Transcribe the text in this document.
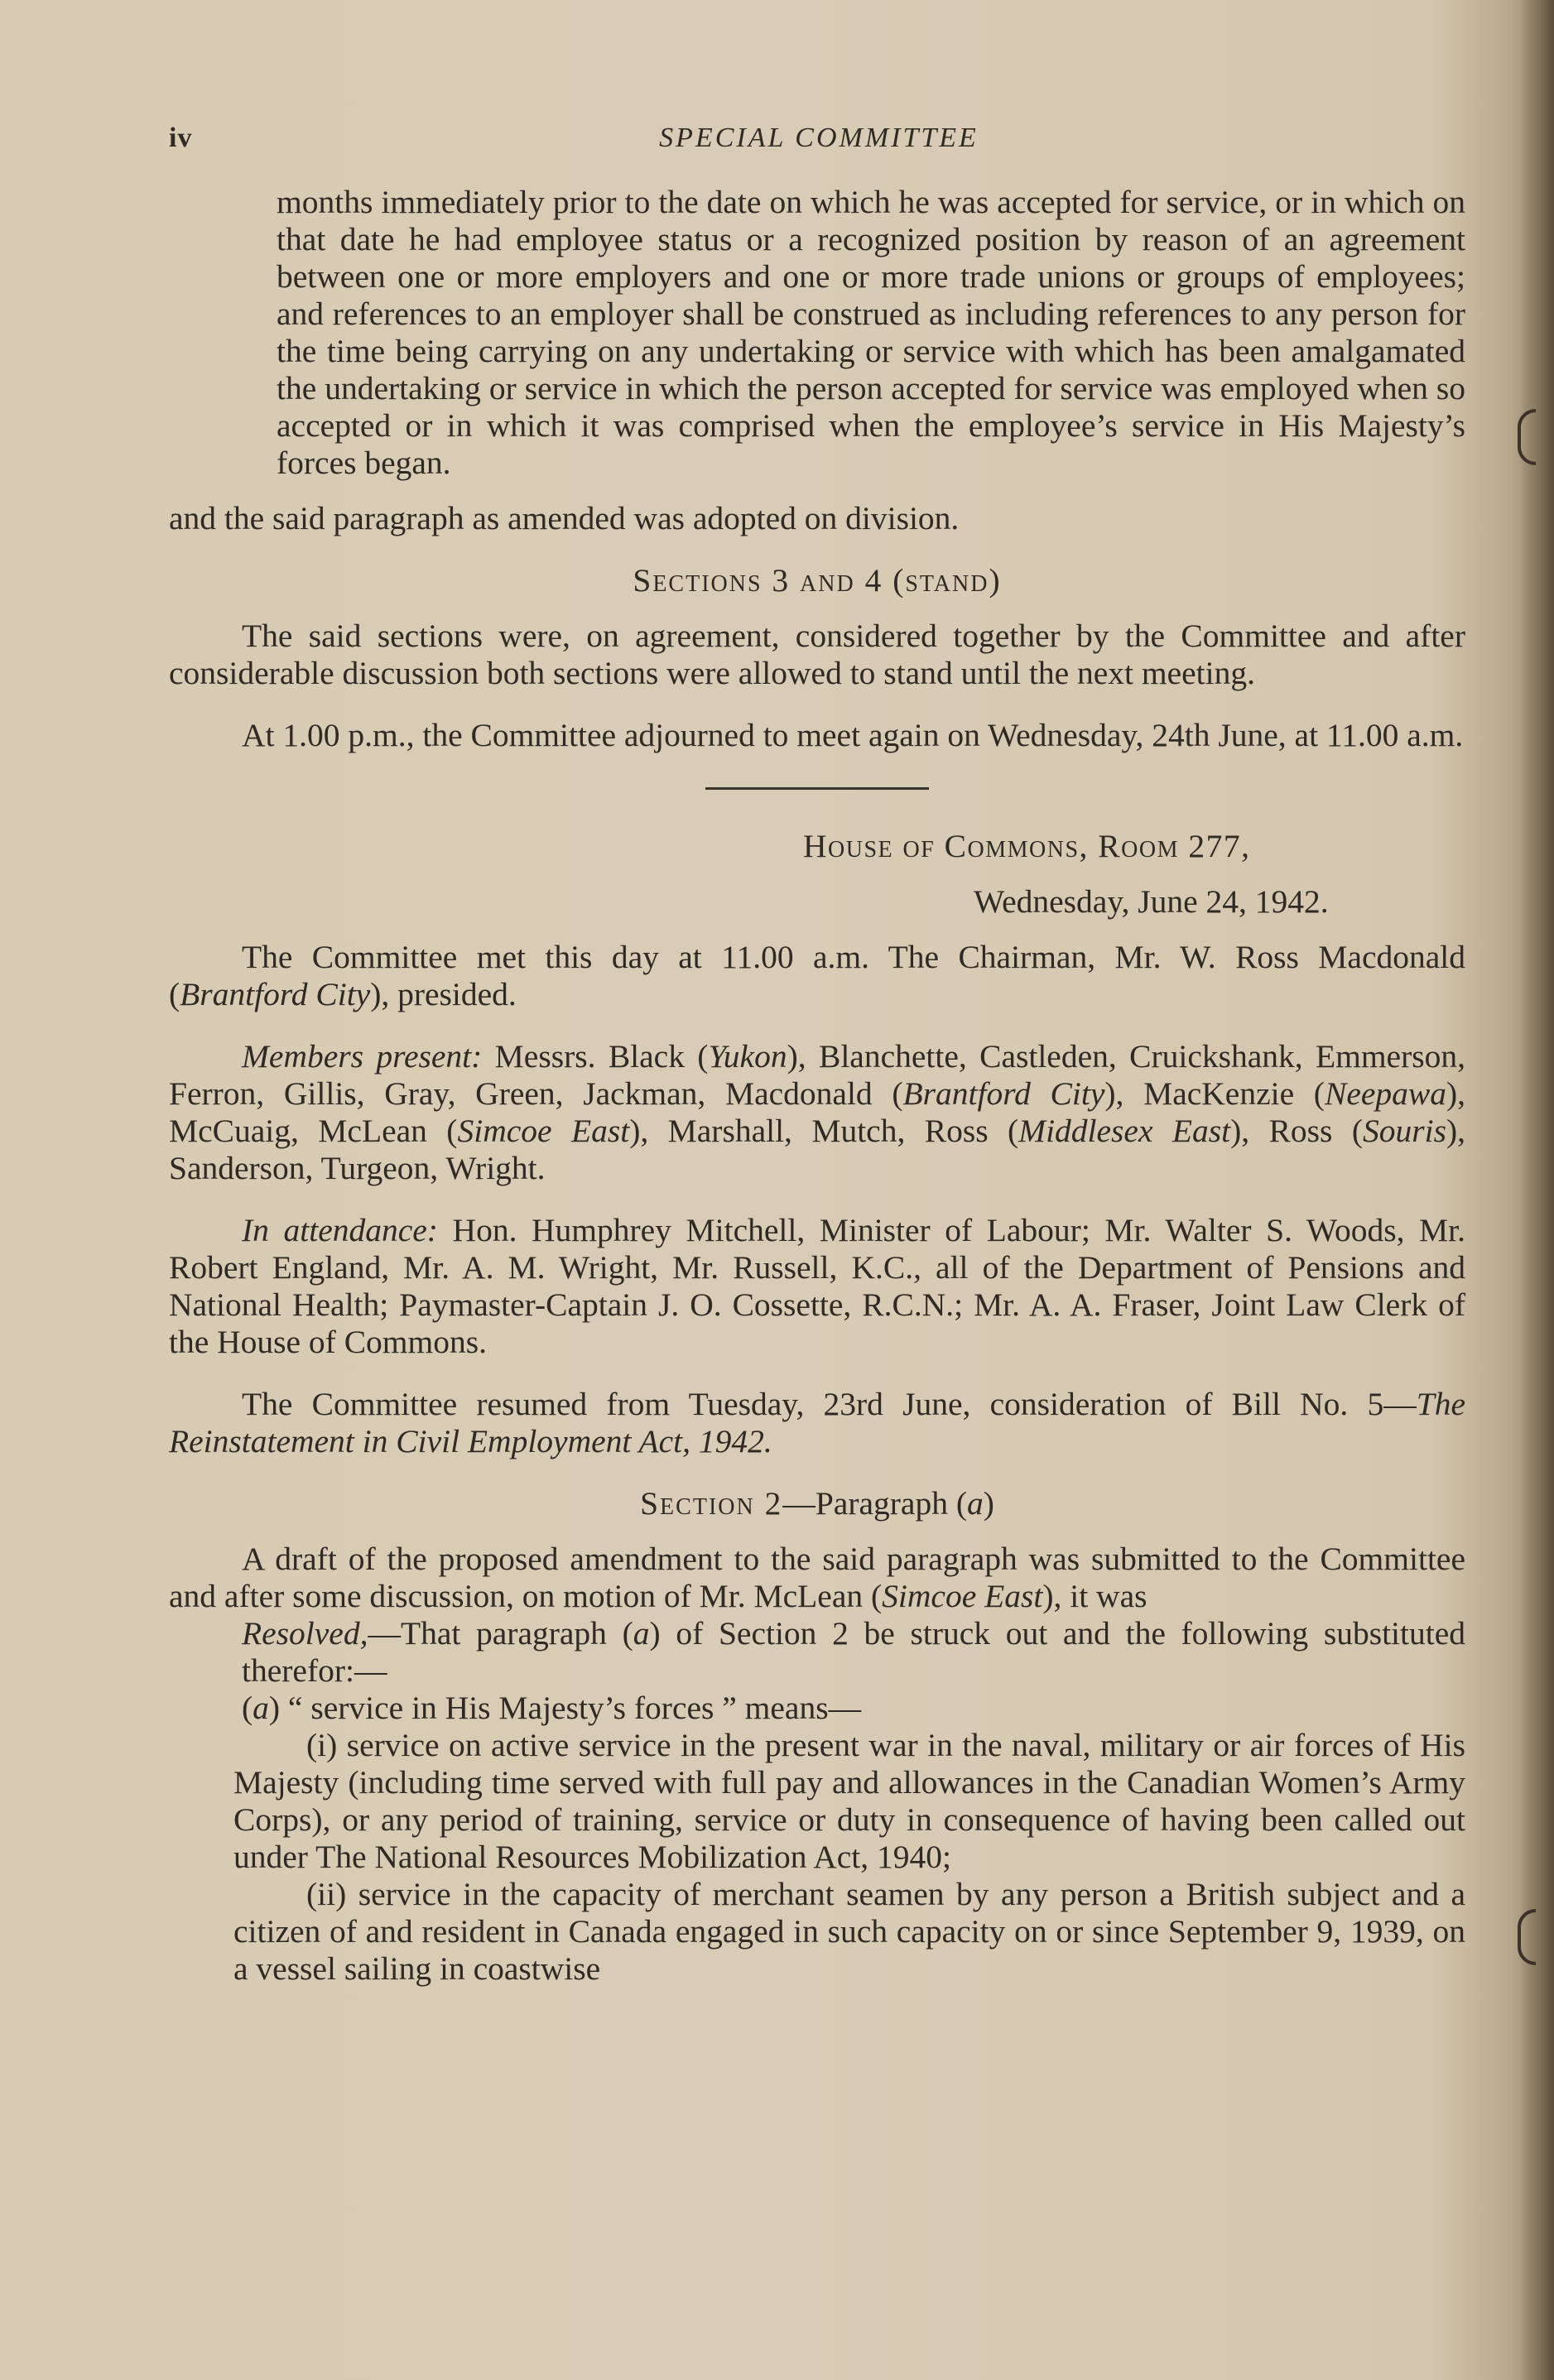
iv	SPECIAL COMMITTEE

months immediately prior to the date on which he was accepted for service, or in which on that date he had employee status or a recognized position by reason of an agreement between one or more employers and one or more trade unions or groups of employees; and references to an employer shall be construed as including references to any person for the time being carrying on any undertaking or service with which has been amalgamated the undertaking or service in which the person accepted for service was employed when so accepted or in which it was comprised when the employee’s service in His Majesty’s forces began.

and the said paragraph as amended was adopted on division.

Sections 3 and 4 (stand)

The said sections were, on agreement, considered together by the Committee and after considerable discussion both sections were allowed to stand until the next meeting.

At 1.00 p.m., the Committee adjourned to meet again on Wednesday, 24th June, at 11.00 a.m.

House of Commons, Room 277,

Wednesday, June 24, 1942.

The Committee met this day at 11.00 a.m. The Chairman, Mr. W. Ross Macdonald (Brantford City), presided.

Members present: Messrs. Black (Yukon), Blanchette, Castleden, Cruickshank, Emmerson, Ferron, Gillis, Gray, Green, Jackman, Macdonald (Brantford City), MacKenzie (Neepawa), McCuaig, McLean (Simcoe East), Marshall, Mutch, Ross (Middlesex East), Ross (Souris), Sanderson, Turgeon, Wright.

In attendance: Hon. Humphrey Mitchell, Minister of Labour; Mr. Walter S. Woods, Mr. Robert England, Mr. A. M. Wright, Mr. Russell, K.C., all of the Department of Pensions and National Health; Paymaster-Captain J. O. Cossette, R.C.N.; Mr. A. A. Fraser, Joint Law Clerk of the House of Commons.

The Committee resumed from Tuesday, 23rd June, consideration of Bill No. 5—The Reinstatement in Civil Employment Act, 1942.

Section 2—Paragraph (a)

A draft of the proposed amendment to the said paragraph was submitted to the Committee and after some discussion, on motion of Mr. McLean (Simcoe East), it was

Resolved,—That paragraph (a) of Section 2 be struck out and the following substituted therefor:—

(a) “ service in His Majesty’s forces ” means—

(i) service on active service in the present war in the naval, military or air forces of His Majesty (including time served with full pay and allowances in the Canadian Women’s Army Corps), or any period of training, service or duty in consequence of having been called out under The National Resources Mobilization Act, 1940;

(ii) service in the capacity of merchant seamen by any person a British subject and a citizen of and resident in Canada engaged in such capacity on or since September 9, 1939, on a vessel sailing in coastwise
